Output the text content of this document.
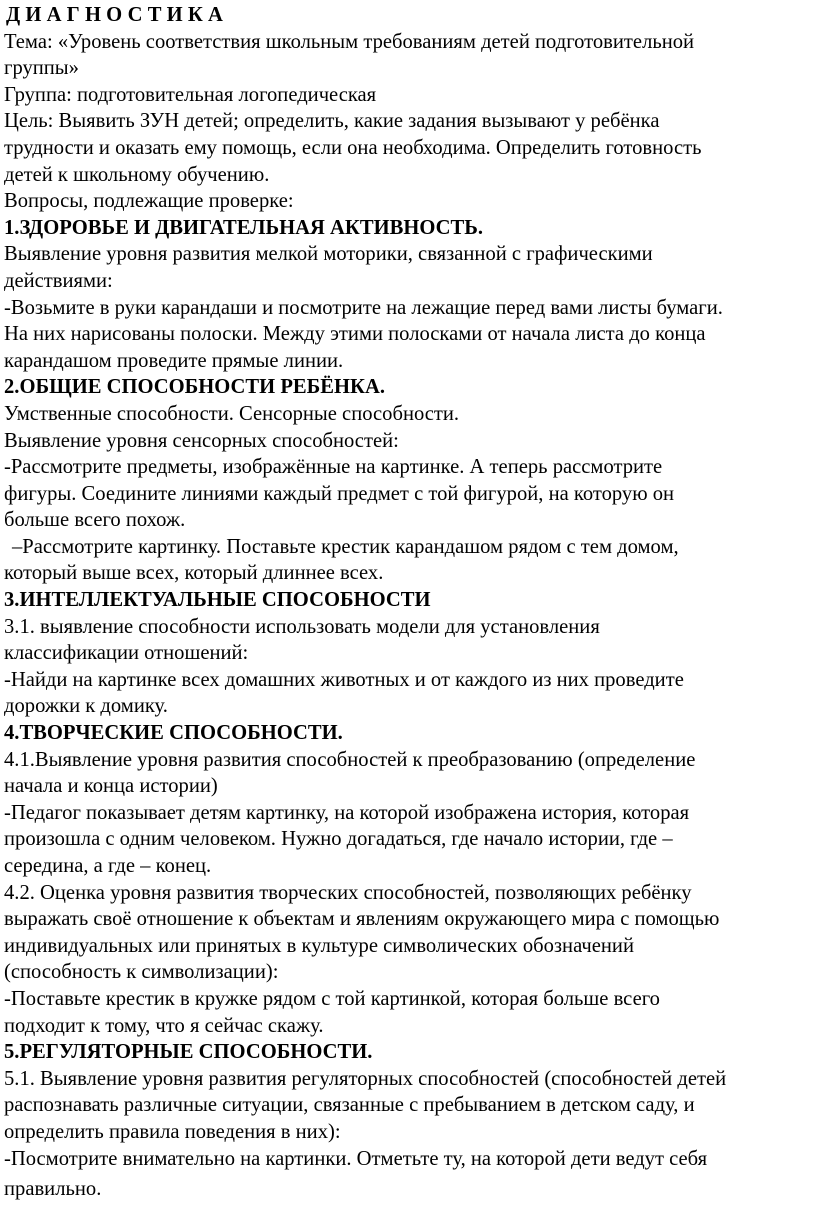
ДИАГНОСТИКА
Тема: «Уровень соответствия школьным требованиям детей подготовительной
группы»
Группа: подготовительная логопедическая
Цель: Выявить ЗУН детей; определить, какие задания вызывают у ребёнка
трудности и оказать ему помощь, если она необходима. Определить готовность
детей к школьному обучению.
Вопросы, подлежащие проверке:
1.ЗДОРОВЬЕ И ДВИГАТЕЛЬНАЯ АКТИВНОСТЬ.
Выявление уровня развития мелкой моторики, связанной с графическими
действиями:
-Возьмите в руки карандаши и посмотрите на лежащие перед вами листы бумаги.
На них нарисованы полоски. Между этими полосками от начала листа до конца
карандашом проведите прямые линии.
2.ОБЩИЕ СПОСОБНОСТИ РЕБЁНКА.
Умственные способности. Сенсорные способности.
Выявление уровня сенсорных способностей:
-Рассмотрите предметы, изображённые на картинке. А теперь рассмотрите
фигуры. Соедините линиями каждый предмет с той фигурой, на которую он
больше всего похож.
–Рассмотрите картинку. Поставьте крестик карандашом рядом с тем домом,
который выше всех, который длиннее всех.
3.ИНТЕЛЛЕКТУАЛЬНЫЕ СПОСОБНОСТИ
3.1. выявление способности использовать модели для установления
классификации отношений:
-Найди на картинке всех домашних животных и от каждого из них проведите
дорожки к домику.
4.ТВОРЧЕСКИЕ СПОСОБНОСТИ.
4.1.Выявление уровня развития способностей к преобразованию (определение
начала и конца истории)
-Педагог показывает детям картинку, на которой изображена история, которая
произошла с одним человеком. Нужно догадаться, где начало истории, где –
середина, а где – конец.
4.2. Оценка уровня развития творческих способностей, позволяющих ребёнку
выражать своё отношение к объектам и явлениям окружающего мира с помощью
индивидуальных или принятых в культуре символических обозначений
(способность к символизации):
-Поставьте крестик в кружке рядом с той картинкой, которая больше всего
подходит к тому, что я сейчас скажу.
5.РЕГУЛЯТОРНЫЕ СПОСОБНОСТИ.
5.1. Выявление уровня развития регуляторных способностей (способностей детей
распознавать различные ситуации, связанные с пребыванием в детском саду, и
определить правила поведения в них):
-Посмотрите внимательно на картинки. Отметьте ту, на которой дети ведут себя
правильно.
